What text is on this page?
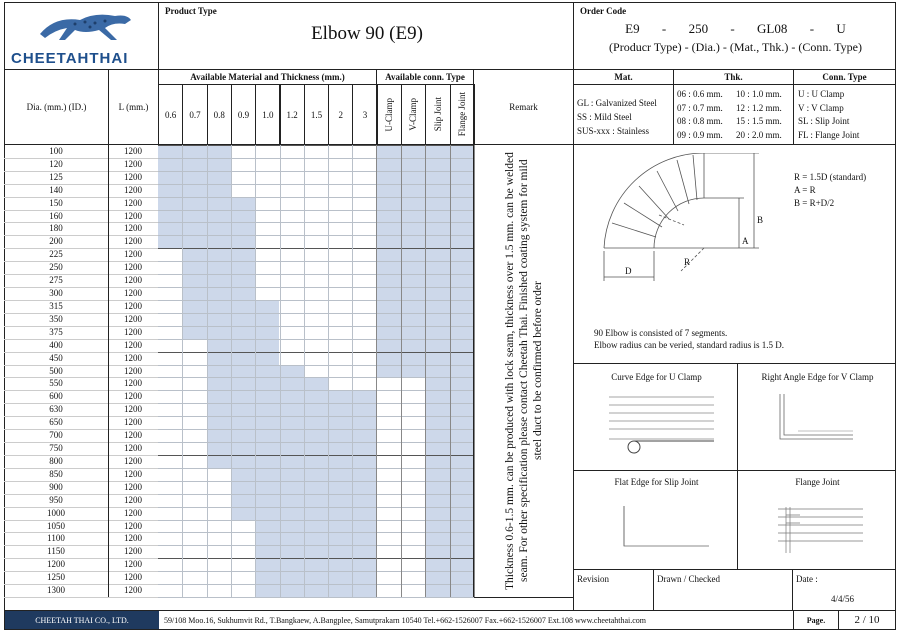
CHEETAHTHAI
Product Type
Elbow 90 (E9)
Order Code
E9 - 250 - GL08 - U
(Producr Type) - (Dia.) - (Mat., Thk.) - (Conn. Type)
Dia. (mm.) (ID.)	L (mm.)
Available Material and Thickness (mm.)	Available conn. Type
Remark
0.6	0.7	0.8	0.9	1.0	1.2	1.5	2	3	U-Clamp V-Clamp Slip Joint Flange Joint
100	1200
120	1200
125	1200
140	1200
150	1200
160	1200
180	1200
200	1200
225	1200
250	1200
275	1200
300	1200
315	1200
350	1200
375	1200
400	1200
450	1200
500	1200
550	1200
600	1200
630	1200
650	1200
700	1200
750	1200
800	1200
850	1200
900	1200
950	1200
1000	1200
1050	1200
1100	1200
1150	1200
1200	1200
1250	1200
1300	1200
Thickness 0.6-1.5 mm. can be produced with lock seam, thickness over 1.5 mm. can be welded seam. For other specification please contact Cheetah Thai. Finished coating system for mild steel duct to be confirmed before order
Mat.	Thk.	Conn. Type
GL : Galvanized Steel
SS : Mild Steel
SUS-xxx : Stainless
06 : 0.6 mm.
07 : 0.7 mm.
08 : 0.8 mm.
09 : 0.9 mm.
10 : 1.0 mm.
12 : 1.2 mm.
15 : 1.5 mm.
20 : 2.0 mm.
U : U Clamp
V : V Clamp
SL : Slip Joint
FL : Flange Joint
D
A
B
R
R = 1.5D (standard)
A = R
B = R+D/2
90 Elbow is consisted of 7 segments.
Elbow radius can be veried, standard radius is 1.5 D.
Curve Edge for U Clamp	Right Angle Edge for V Clamp
Flat Edge for Slip Joint	Flange Joint
Revision	Drawn / Checked	Date :
4/4/56
CHEETAH THAI CO., LTD.	59/108 Moo.16, Sukhumvit Rd., T.Bangkaew, A.Bangplee, Samutprakarn 10540 Tel.+662-1526007 Fax.+662-1526007 Ext.108 www.cheetahthai.com	Page.	2 / 10
